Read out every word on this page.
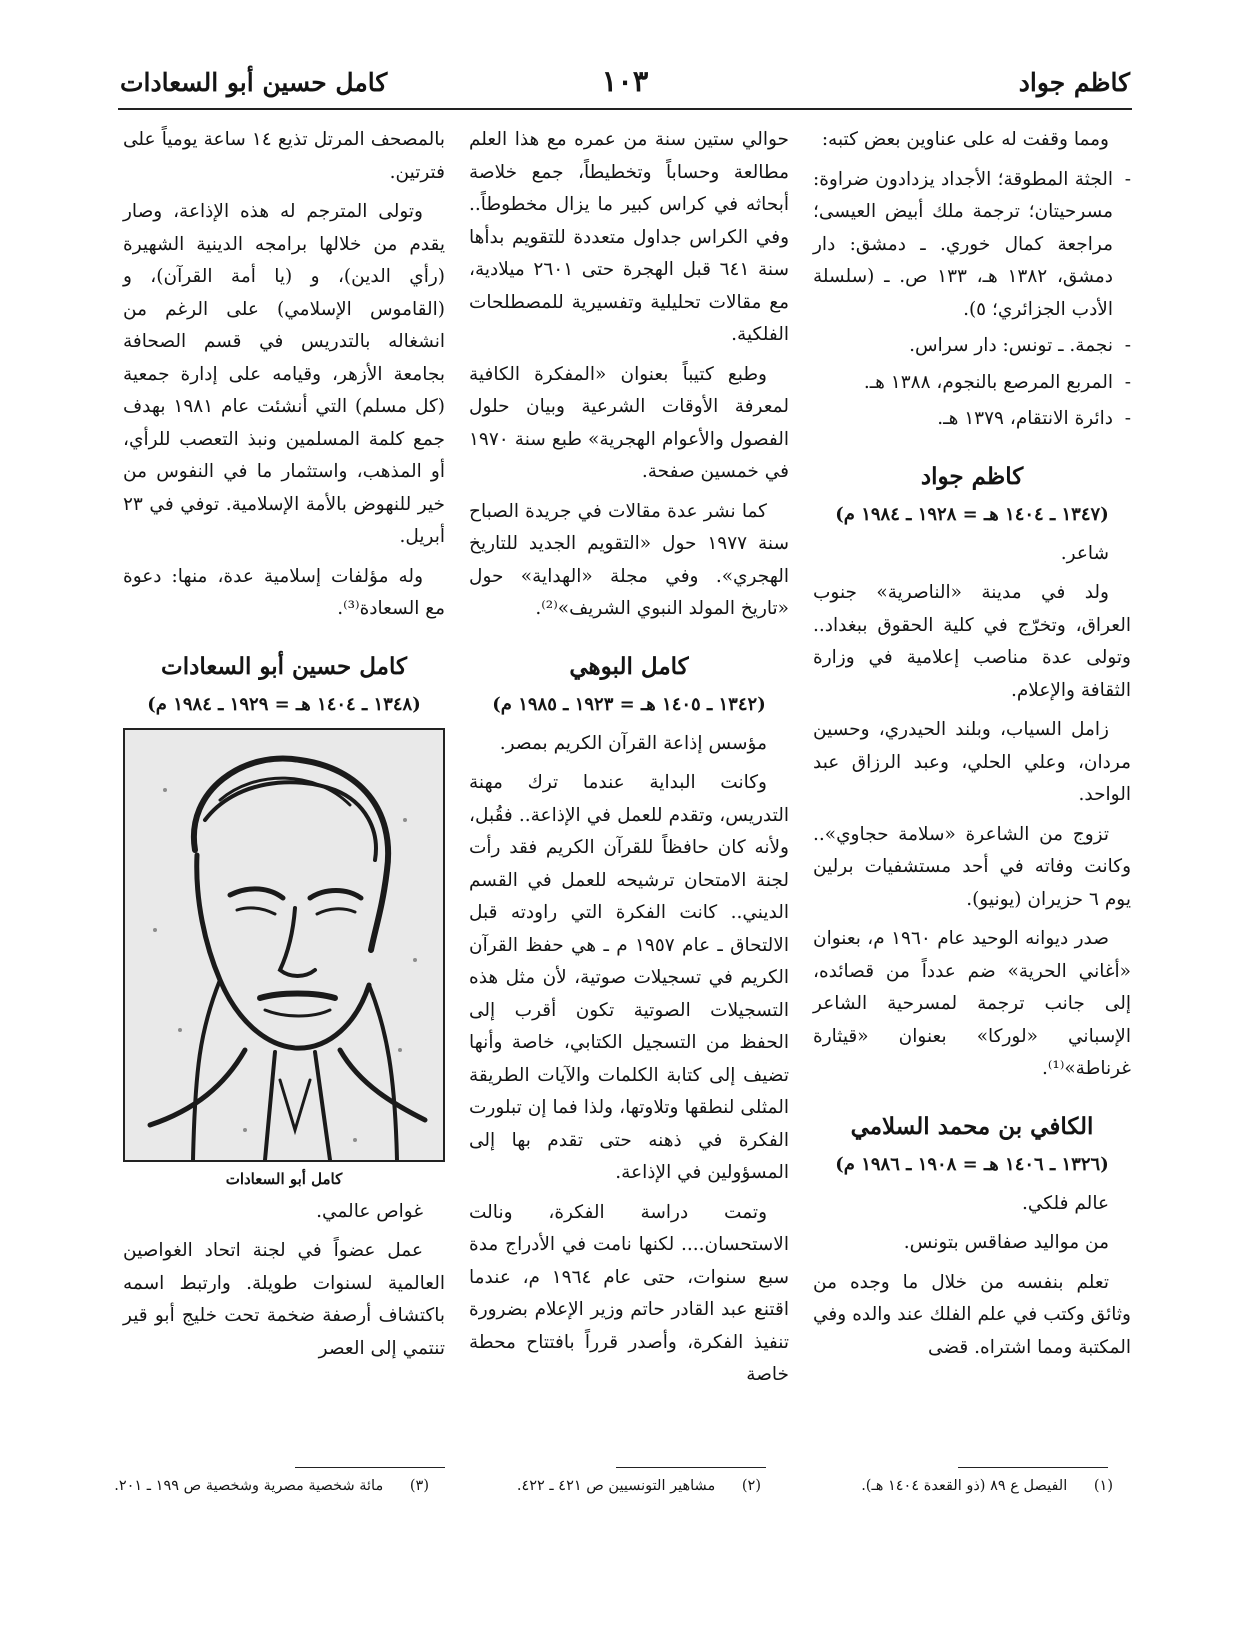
كاظم جواد
١٠٣
كامل حسين أبو السعادات

ومما وقفت له على عناوين بعض كتبه:

- الجثة المطوقة؛ الأجداد يزدادون ضراوة: مسرحيتان؛ ترجمة ملك أبيض العيسى؛ مراجعة كمال خوري. ـ دمشق: دار دمشق، ١٣٨٢ هـ، ١٣٣ ص. ـ (سلسلة الأدب الجزائري؛ ٥).
- نجمة. ـ تونس: دار سراس.
- المربع المرصع بالنجوم، ١٣٨٨ هـ.
- دائرة الانتقام، ١٣٧٩ هـ.
كاظم جواد
(١٣٤٧ ـ ١٤٠٤ هـ = ١٩٢٨ ـ ١٩٨٤ م)

شاعر.

ولد في مدينة «الناصرية» جنوب العراق، وتخرّج في كلية الحقوق ببغداد.. وتولى عدة مناصب إعلامية في وزارة الثقافة والإعلام.

زامل السياب، وبلند الحيدري، وحسين مردان، وعلي الحلي، وعبد الرزاق عبد الواحد.

تزوج من الشاعرة «سلامة حجاوي».. وكانت وفاته في أحد مستشفيات برلين يوم ٦ حزيران (يونيو).

صدر ديوانه الوحيد عام ١٩٦٠ م، بعنوان «أغاني الحرية» ضم عدداً من قصائده، إلى جانب ترجمة لمسرحية الشاعر الإسباني «لوركا» بعنوان «قيثارة غرناطة»⁽¹⁾.

الكافي بن محمد السلامي
(١٣٢٦ ـ ١٤٠٦ هـ = ١٩٠٨ ـ ١٩٨٦ م)

عالم فلكي.

من مواليد صفاقس بتونس.

تعلم بنفسه من خلال ما وجده من وثائق وكتب في علم الفلك عند والده وفي المكتبة ومما اشتراه. قضى

حوالي ستين سنة من عمره مع هذا العلم مطالعة وحساباً وتخطيطاً، جمع خلاصة أبحاثه في كراس كبير ما يزال مخطوطاً.. وفي الكراس جداول متعددة للتقويم بدأها سنة ٦٤١ قبل الهجرة حتى ٢٦٠١ ميلادية، مع مقالات تحليلية وتفسيرية للمصطلحات الفلكية.

وطبع كتيباً بعنوان «المفكرة الكافية لمعرفة الأوقات الشرعية وبيان حلول الفصول والأعوام الهجرية» طبع سنة ١٩٧٠ في خمسين صفحة.

كما نشر عدة مقالات في جريدة الصباح سنة ١٩٧٧ حول «التقويم الجديد للتاريخ الهجري». وفي مجلة «الهداية» حول «تاريخ المولد النبوي الشريف»⁽²⁾.

كامل البوهي
(١٣٤٢ ـ ١٤٠٥ هـ = ١٩٢٣ ـ ١٩٨٥ م)

مؤسس إذاعة القرآن الكريم بمصر.

وكانت البداية عندما ترك مهنة التدريس، وتقدم للعمل في الإذاعة.. فقُبل، ولأنه كان حافظاً للقرآن الكريم فقد رأت لجنة الامتحان ترشيحه للعمل في القسم الديني.. كانت الفكرة التي راودته قبل الالتحاق ـ عام ١٩٥٧ م ـ هي حفظ القرآن الكريم في تسجيلات صوتية، لأن مثل هذه التسجيلات الصوتية تكون أقرب إلى الحفظ من التسجيل الكتابي، خاصة وأنها تضيف إلى كتابة الكلمات والآيات الطريقة المثلى لنطقها وتلاوتها، ولذا فما إن تبلورت الفكرة في ذهنه حتى تقدم بها إلى المسؤولين في الإذاعة.

وتمت دراسة الفكرة، ونالت الاستحسان.... لكنها نامت في الأدراج مدة سبع سنوات، حتى عام ١٩٦٤ م، عندما اقتنع عبد القادر حاتم وزير الإعلام بضرورة تنفيذ الفكرة، وأصدر قرراً بافتتاح محطة خاصة

بالمصحف المرتل تذيع ١٤ ساعة يومياً على فترتين.

وتولى المترجم له هذه الإذاعة، وصار يقدم من خلالها برامجه الدينية الشهيرة (رأي الدين)، و (يا أمة القرآن)، و (القاموس الإسلامي) على الرغم من انشغاله بالتدريس في قسم الصحافة بجامعة الأزهر، وقيامه على إدارة جمعية (كل مسلم) التي أنشئت عام ١٩٨١ بهدف جمع كلمة المسلمين ونبذ التعصب للرأي، أو المذهب، واستثمار ما في النفوس من خير للنهوض بالأمة الإسلامية. توفي في ٢٣ أبريل.

وله مؤلفات إسلامية عدة، منها: دعوة مع السعادة⁽³⁾.

كامل حسين أبو السعادات
(١٣٤٨ ـ ١٤٠٤ هـ = ١٩٢٩ ـ ١٩٨٤ م)
كامل أبو السعادات

غواص عالمي.

عمل عضواً في لجنة اتحاد الغواصين العالمية لسنوات طويلة. وارتبط اسمه باكتشاف أرصفة ضخمة تحت خليج أبو قير تنتمي إلى العصر

(١) الفيصل ع ٨٩ (ذو القعدة ١٤٠٤ هـ).
(٢) مشاهير التونسيين ص ٤٢١ ـ ٤٢٢.
(٣) مائة شخصية مصرية وشخصية ص ١٩٩ ـ ٢٠١.
